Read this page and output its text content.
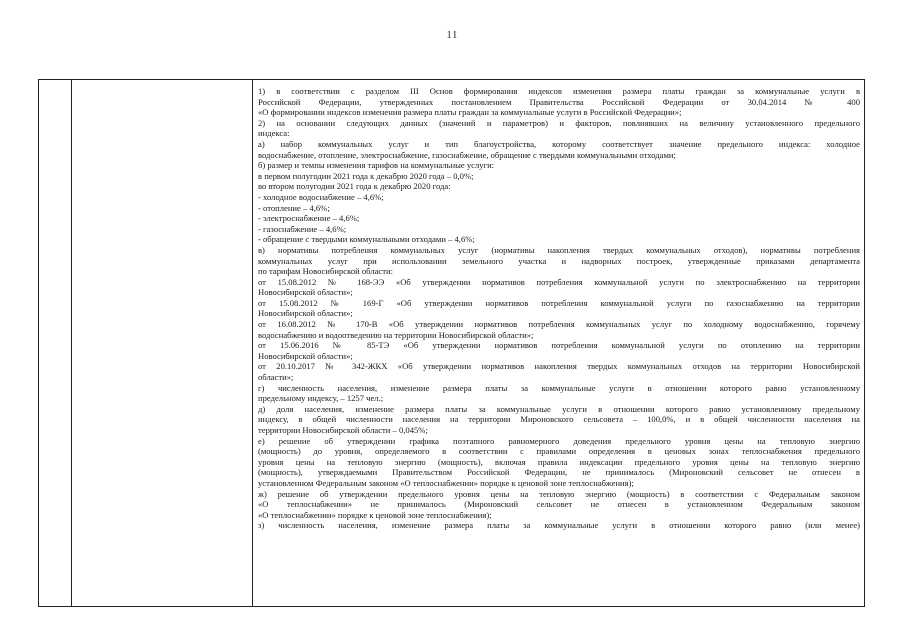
11
1) в соответствии с разделом III Основ формирования индексов изменения размера платы граждан за коммунальные услуги в
Российской Федерации, утвержденных постановлением Правительства Российской Федерации от 30.04.2014 № 400
«О формировании индексов изменения размера платы граждан за коммунальные услуги в Российской Федерации»;
2) на основании следующих данных (значений и параметров) и факторов, повлиявших на величину установленного предельного
индекса:
а) набор коммунальных услуг и тип благоустройства, которому соответствует значение предельного индекса: холодное
водоснабжение, отопление, электроснабжение, газоснабжение, обращение с твердыми коммунальными отходами;
б) размер и темпы изменения тарифов на коммунальные услуги:
в первом полугодии 2021 года к декабрю 2020 года – 0,0%;
во втором полугодии 2021 года к декабрю 2020 года:
- холодное водоснабжение – 4,6%;
- отопление – 4,6%;
- электроснабжение – 4,6%;
- газоснабжение – 4,6%;
- обращение с твердыми коммунальными отходами – 4,6%;
в) нормативы потребления коммунальных услуг (нормативы накопления твердых коммунальных отходов), нормативы потребления
коммунальных услуг при использовании земельного участка и надворных построек, утвержденные приказами департамента
по тарифам Новосибирской области:
от 15.08.2012 № 168-ЭЭ «Об утверждении нормативов потребления коммунальной услуги по электроснабжению на территории
Новосибирской области»;
от 15.08.2012 № 169-Г «Об утверждении нормативов потребления коммунальной услуги по газоснабжению на территории
Новосибирской области»;
от 16.08.2012 № 170-В «Об утверждении нормативов потребления коммунальных услуг по холодному водоснабжению, горячему
водоснабжению и водоотведению на территории Новосибирской области»;
от 15.06.2016 № 85-ТЭ «Об утверждении нормативов потребления коммунальной услуги по отоплению на территории
Новосибирской области»;
от 20.10.2017 № 342-ЖКХ «Об утверждении нормативов накопления твердых коммунальных отходов на территории Новосибирской
области»;
г) численность населения, изменение размера платы за коммунальные услуги в отношении которого равно установленному
предельному индексу, – 1257 чел.;
д) доля населения, изменение размера платы за коммунальные услуги в отношении которого равно установленному предельному
индексу, в общей численности населения на территории Мироновского сельсовета – 100,0%, и в общей численности населения на
территории Новосибирской области – 0,045%;
е) решение об утверждении графика поэтапного равномерного доведения предельного уровня цены на тепловую энергию
(мощность) до уровня, определяемого в соответствии с правилами определения в ценовых зонах теплоснабжения предельного
уровня цены на тепловую энергию (мощность), включая правила индексации предельного уровня цены на тепловую энергию
(мощность), утверждаемыми Правительством Российской Федерации, не принималось (Мироновский сельсовет не отнесен в
установленном Федеральным законом «О теплоснабжении» порядке к ценовой зоне теплоснабжения);
ж) решение об утверждении предельного уровня цены на тепловую энергию (мощность) в соответствии с Федеральным законом
«О теплоснабжении» не принималось (Мироновский сельсовет не отнесен в установленном Федеральным законом
«О теплоснабжении» порядке к ценовой зоне теплоснабжения);
з) численность населения, изменение размера платы за коммунальные услуги в отношении которого равно (или менее)
